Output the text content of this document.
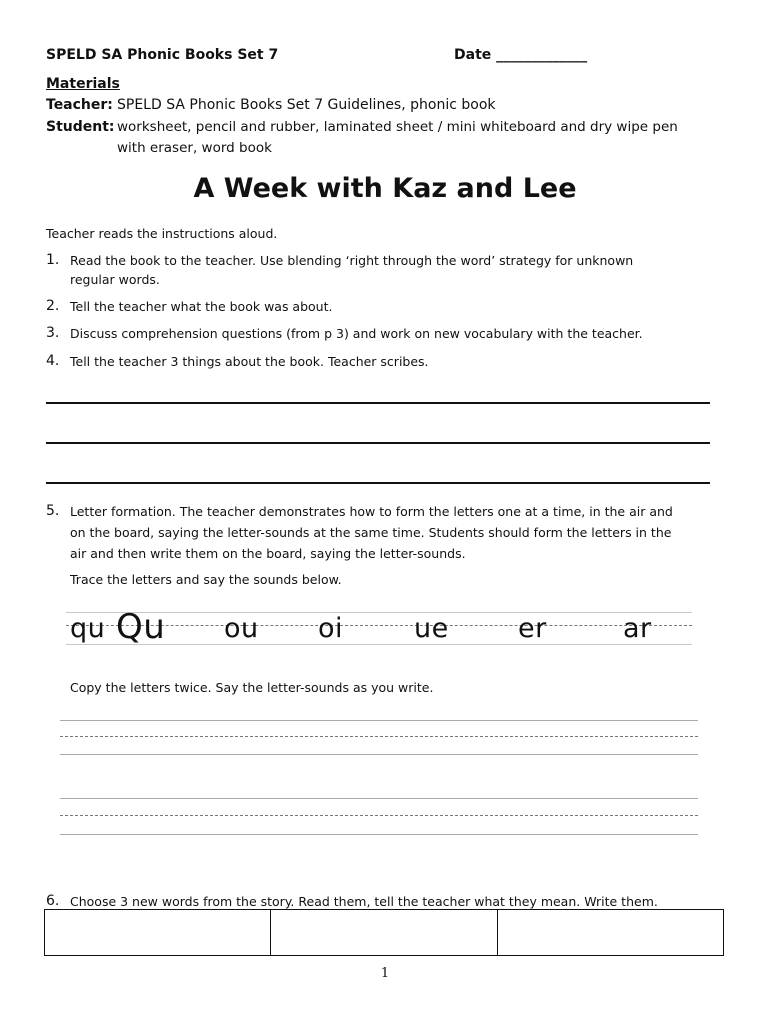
SPELD SA Phonic Books Set 7	Date _____________
Materials
Teacher: SPELD SA Phonic Books Set 7 Guidelines, phonic book
Student: worksheet, pencil and rubber, laminated sheet / mini whiteboard and dry wipe pen
with eraser, word book
A Week with Kaz and Lee
Teacher reads the instructions aloud.
1. Read the book to the teacher. Use blending ‘right through the word’ strategy for unknown
regular words.
2. Tell the teacher what the book was about.
3. Discuss comprehension questions (from p 3) and work on new vocabulary with the teacher.
4. Tell the teacher 3 things about the book. Teacher scribes.
5. Letter formation. The teacher demonstrates how to form the letters one at a time, in the air and
on the board, saying the letter-sounds at the same time. Students should form the letters in the
air and then write them on the board, saying the letter-sounds.
Trace the letters and say the sounds below.
qu Qu ou oi	ue	er	ar
Copy the letters twice. Say the letter-sounds as you write.
6. Choose 3 new words from the story. Read them, tell the teacher what they mean. Write them.
1
